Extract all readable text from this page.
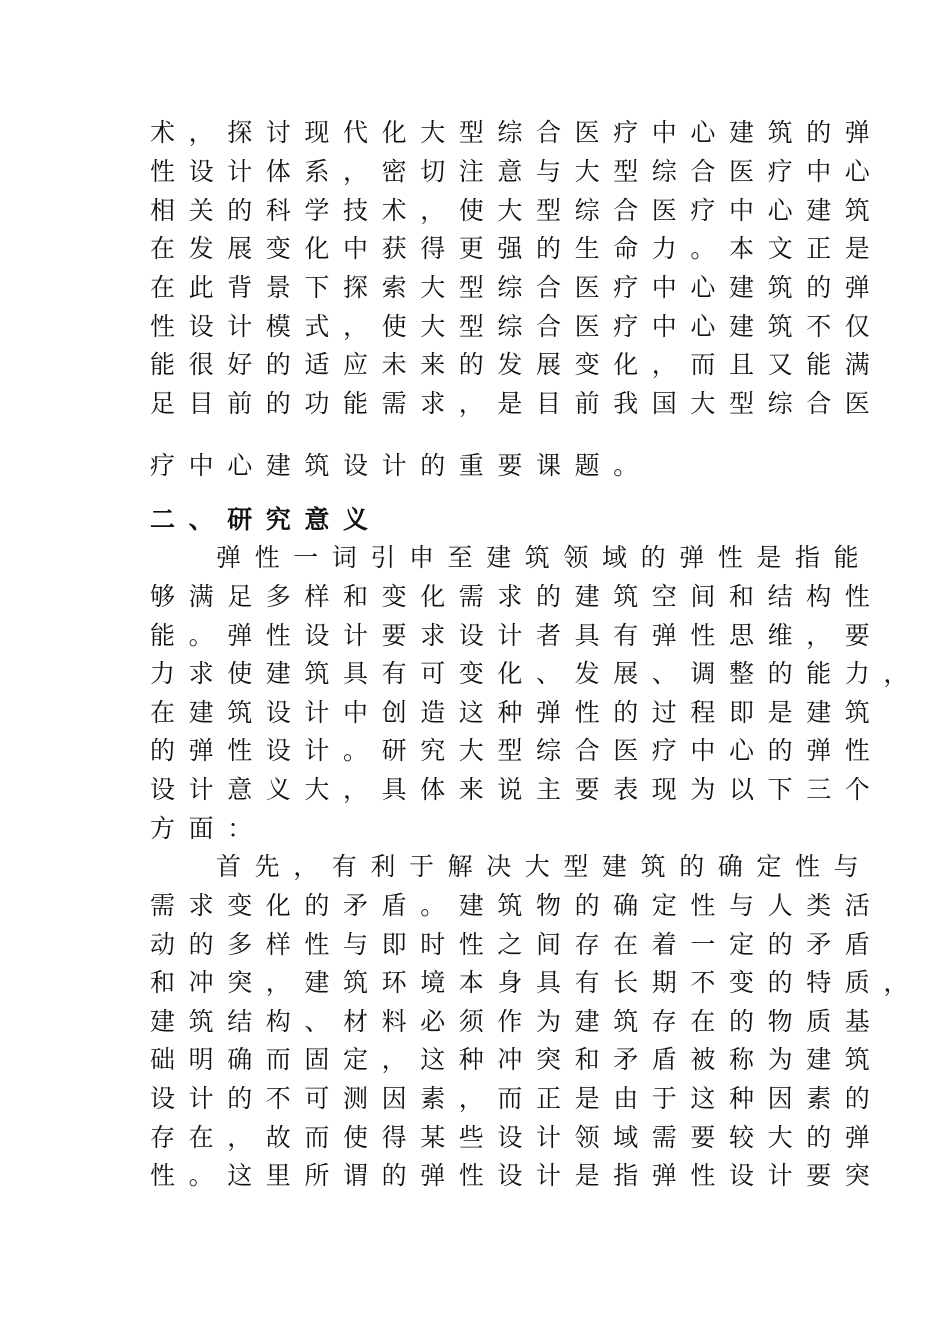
术，探讨现代化大型综合医疗中心建筑的弹
性设计体系，密切注意与大型综合医疗中心
相关的科学技术，使大型综合医疗中心建筑
在发展变化中获得更强的生命力。本文正是
在此背景下探索大型综合医疗中心建筑的弹
性设计模式，使大型综合医疗中心建筑不仅
能很好的适应未来的发展变化，而且又能满
足目前的功能需求，是目前我国大型综合医
疗中心建筑设计的重要课题。
二、研究意义
弹性一词引申至建筑领域的弹性是指能
够满足多样和变化需求的建筑空间和结构性
能。弹性设计要求设计者具有弹性思维，要
力求使建筑具有可变化、发展、调整的能力，
在建筑设计中创造这种弹性的过程即是建筑
的弹性设计。研究大型综合医疗中心的弹性
设计意义大，具体来说主要表现为以下三个
方面：
首先，有利于解决大型建筑的确定性与
需求变化的矛盾。建筑物的确定性与人类活
动的多样性与即时性之间存在着一定的矛盾
和冲突，建筑环境本身具有长期不变的特质，
建筑结构、材料必须作为建筑存在的物质基
础明确而固定，这种冲突和矛盾被称为建筑
设计的不可测因素，而正是由于这种因素的
存在，故而使得某些设计领域需要较大的弹
性。这里所谓的弹性设计是指弹性设计要突
